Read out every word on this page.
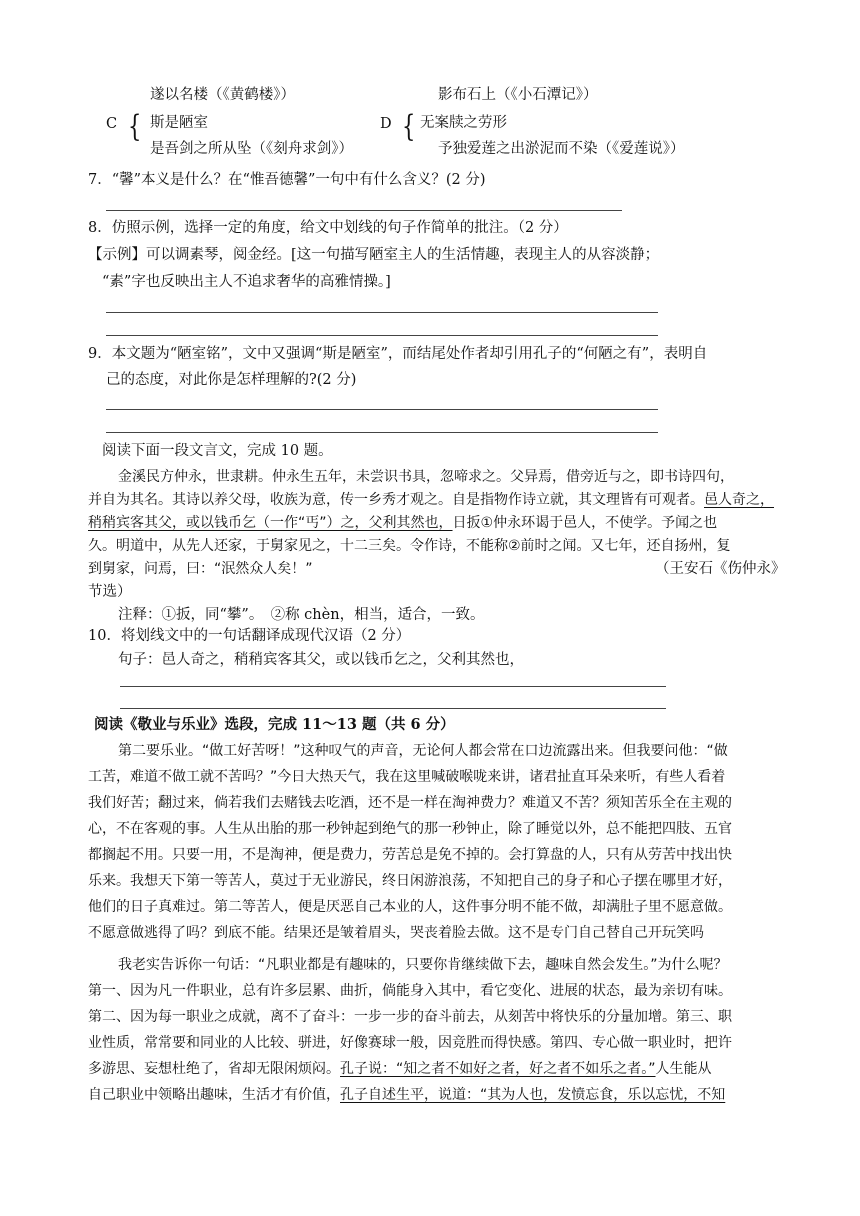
遂以名楼（《黄鹤楼》）	影布石上（《小石潭记》）
C { 斯是陋室
是吾剑之所从坠（《刻舟求剑》）
D { 无案牍之劳形
予独爱莲之出淤泥而不染（《爱莲说》）
7．“馨”本义是什么？在“惟吾德馨”一句中有什么含义？(2 分)
8．仿照示例，选择一定的角度，给文中划线的句子作简单的批注。（2 分）
【示例】可以调素琴，阅金经。[这一句描写陋室主人的生活情趣，表现主人的从容淡静；
“素”字也反映出主人不追求奢华的高雅情操。]
9．本文题为“陋室铭”，文中又强调“斯是陋室”，而结尾处作者却引用孔子的“何陋之有”，表明自
己的态度，对此你是怎样理解的?(2 分)
阅读下面一段文言文，完成 10 题。
金溪民方仲永，世隶耕。仲永生五年，未尝识书具，忽啼求之。父异焉，借旁近与之，即书诗四句，
并自为其名。其诗以养父母，收族为意，传一乡秀才观之。自是指物作诗立就，其文理皆有可观者。邑人奇之，
稍稍宾客其父，或以钱币乞（一作“丐”）之，父利其然也，日扳①仲永环谒于邑人，不使学。予闻之也
久。明道中，从先人还家，于舅家见之，十二三矣。令作诗，不能称②前时之闻。又七年，还自扬州，复
到舅家，问焉，曰：“泯然众人矣！”	（王安石《伤仲永》
节选）
注释：①扳，同“攀”。　②称 chèn，相当，适合，一致。
10．将划线文中的一句话翻译成现代汉语（2 分）
句子：邑人奇之，稍稍宾客其父，或以钱币乞之，父利其然也，
阅读《敬业与乐业》选段，完成 11～13 题（共 6 分）
第二要乐业。“做工好苦呀！”这种叹气的声音，无论何人都会常在口边流露出来。但我要问他：“做
工苦，难道不做工就不苦吗？”今日大热天气，我在这里喊破喉咙来讲，诸君扯直耳朵来听，有些人看着
我们好苦；翻过来，倘若我们去赌钱去吃酒，还不是一样在淘神费力？难道又不苦？须知苦乐全在主观的
心，不在客观的事。人生从出胎的那一秒钟起到绝气的那一秒钟止，除了睡觉以外，总不能把四肢、五官
都搁起不用。只要一用，不是淘神，便是费力，劳苦总是免不掉的。会打算盘的人，只有从劳苦中找出快
乐来。我想天下第一等苦人，莫过于无业游民，终日闲游浪荡，不知把自己的身子和心子摆在哪里才好，
他们的日子真难过。第二等苦人，便是厌恶自己本业的人，这件事分明不能不做，却满肚子里不愿意做。
不愿意做逃得了吗？到底不能。结果还是皱着眉头，哭丧着脸去做。这不是专门自己替自己开玩笑吗
我老实告诉你一句话：“凡职业都是有趣味的，只要你肯继续做下去，趣味自然会发生。”为什么呢？
第一、因为凡一件职业，总有许多层累、曲折，倘能身入其中，看它变化、进展的状态，最为亲切有味。
第二、因为每一职业之成就，离不了奋斗：一步一步的奋斗前去，从刻苦中将快乐的分量加增。第三、职
业性质，常常要和同业的人比较、骈进，好像赛球一般，因竞胜而得快感。第四、专心做一职业时，把许
多游思、妄想杜绝了，省却无限闲烦闷。孔子说：“知之者不如好之者，好之者不如乐之者。”人生能从
自己职业中领略出趣味，生活才有价值，孔子自述生平，说道：“其为人也，发愤忘食，乐以忘忧，不知
